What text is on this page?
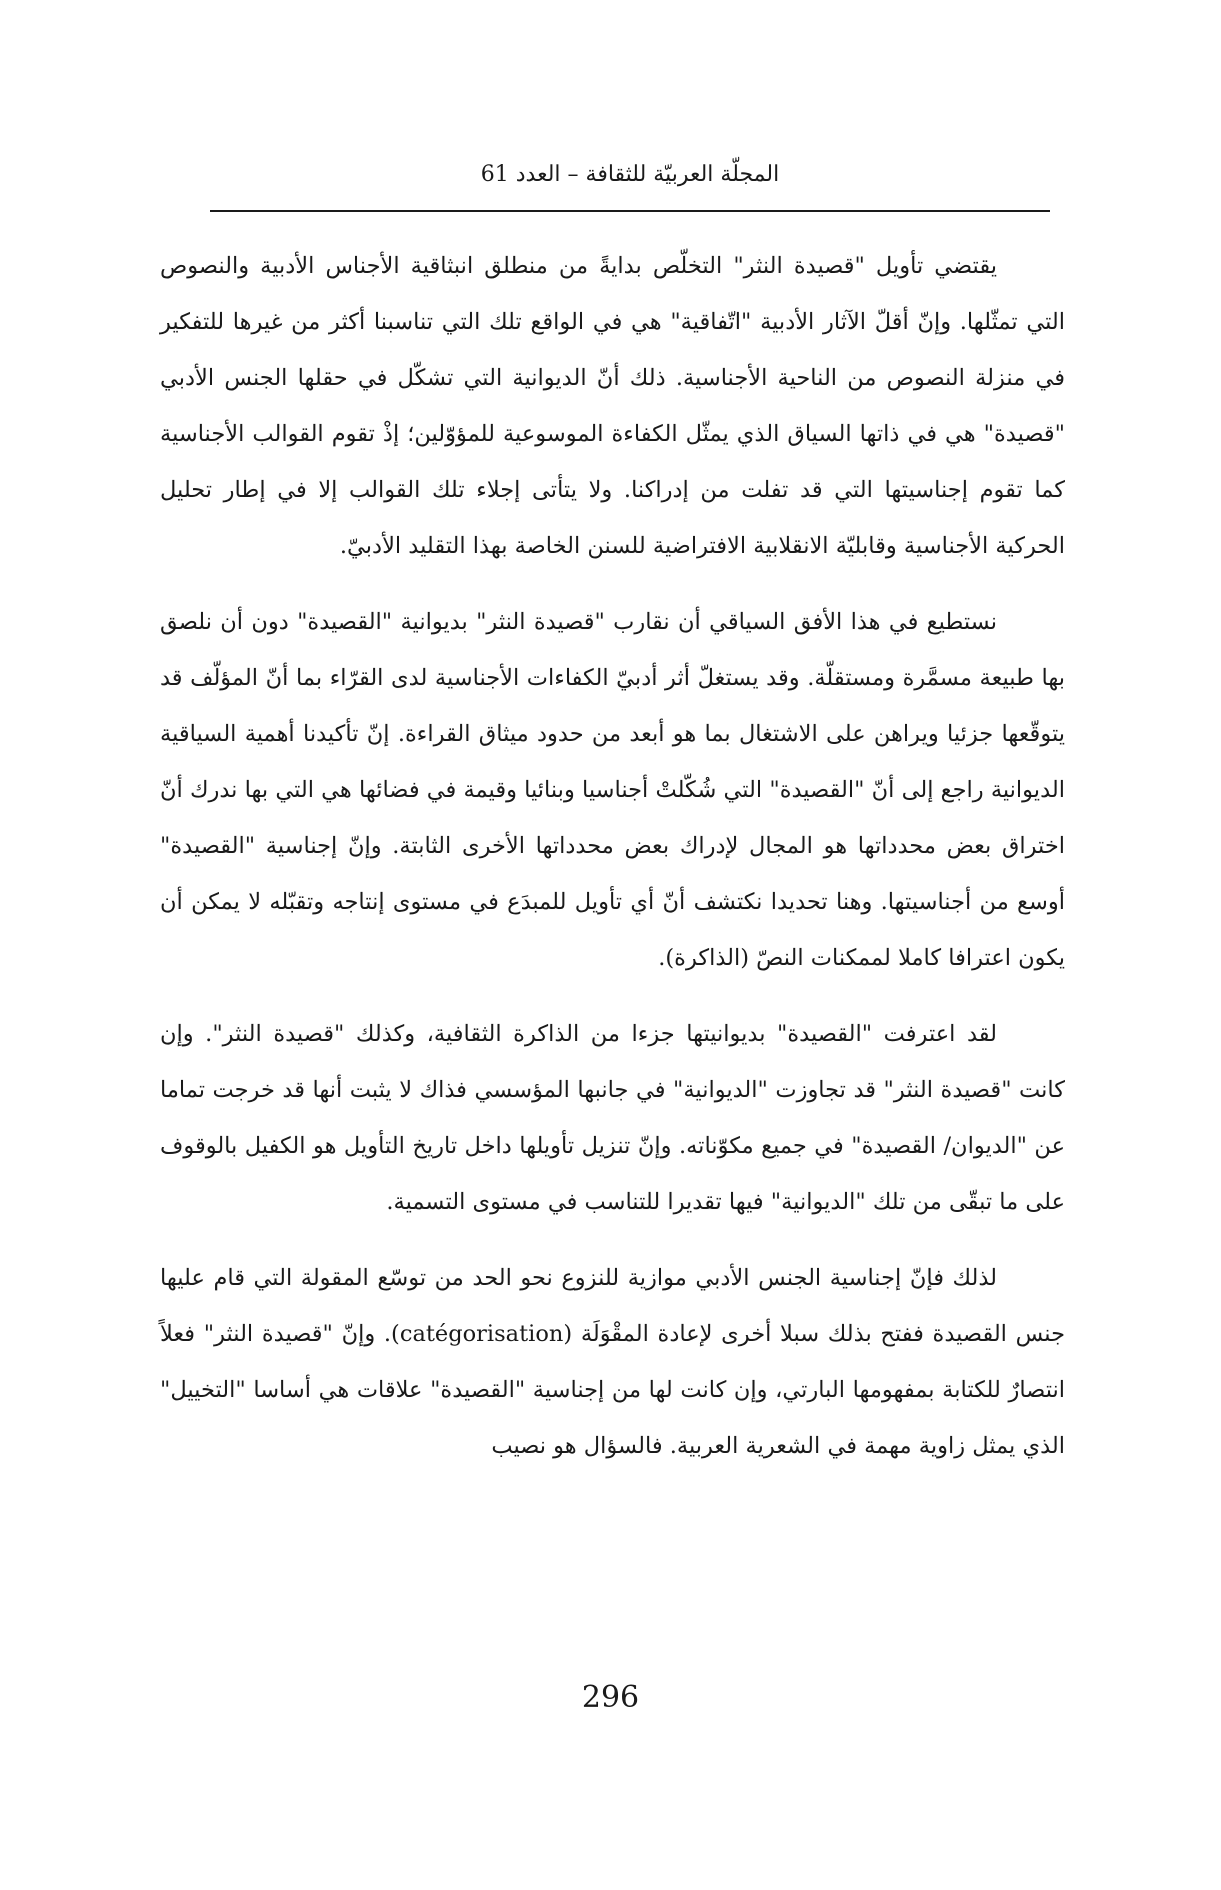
المجلّة العربيّة للثقافة – العدد 61

يقتضي تأويل "قصيدة النثر" التخلّص بدايةً من منطلق انبثاقية الأجناس الأدبية والنصوص التي تمثّلها. وإنّ أقلّ الآثار الأدبية "اتّفاقية" هي في الواقع تلك التي تناسبنا أكثر من غيرها للتفكير في منزلة النصوص من الناحية الأجناسية. ذلك أنّ الديوانية التي تشكّل في حقلها الجنس الأدبي "قصيدة" هي في ذاتها السياق الذي يمثّل الكفاءة الموسوعية للمؤوّلين؛ إذْ تقوم القوالب الأجناسية كما تقوم إجناسيتها التي قد تفلت من إدراكنا. ولا يتأتى إجلاء تلك القوالب إلا في إطار تحليل الحركية الأجناسية وقابليّة الانقلابية الافتراضية للسنن الخاصة بهذا التقليد الأدبيّ.

نستطيع في هذا الأفق السياقي أن نقارب "قصيدة النثر" بديوانية "القصيدة" دون أن نلصق بها طبيعة مسمَّرة ومستقلّة. وقد يستغلّ أثر أدبيّ الكفاءات الأجناسية لدى القرّاء بما أنّ المؤلّف قد يتوقّعها جزئيا ويراهن على الاشتغال بما هو أبعد من حدود ميثاق القراءة. إنّ تأكيدنا أهمية السياقية الديوانية راجع إلى أنّ "القصيدة" التي شُكّلتْ أجناسيا وبنائيا وقيمة في فضائها هي التي بها ندرك أنّ اختراق بعض محدداتها هو المجال لإدراك بعض محدداتها الأخرى الثابتة. وإنّ إجناسية "القصيدة" أوسع من أجناسيتها. وهنا تحديدا نكتشف أنّ أي تأويل للمبدَع في مستوى إنتاجه وتقبّله لا يمكن أن يكون اعترافا كاملا لممكنات النصّ (الذاكرة).

لقد اعترفت "القصيدة" بديوانيتها جزءا من الذاكرة الثقافية، وكذلك "قصيدة النثر". وإن كانت "قصيدة النثر" قد تجاوزت "الديوانية" في جانبها المؤسسي فذاك لا يثبت أنها قد خرجت تماما عن "الديوان/ القصيدة" في جميع مكوّناته. وإنّ تنزيل تأويلها داخل تاريخ التأويل هو الكفيل بالوقوف على ما تبقّى من تلك "الديوانية" فيها تقديرا للتناسب في مستوى التسمية.

لذلك فإنّ إجناسية الجنس الأدبي موازية للنزوع نحو الحد من توسّع المقولة التي قام عليها جنس القصيدة ففتح بذلك سبلا أخرى لإعادة المقْوَلَة (catégorisation). وإنّ "قصيدة النثر" فعلاً انتصارٌ للكتابة بمفهومها البارتي، وإن كانت لها من إجناسية "القصيدة" علاقات هي أساسا "التخييل" الذي يمثل زاوية مهمة في الشعرية العربية. فالسؤال هو نصيب

296
